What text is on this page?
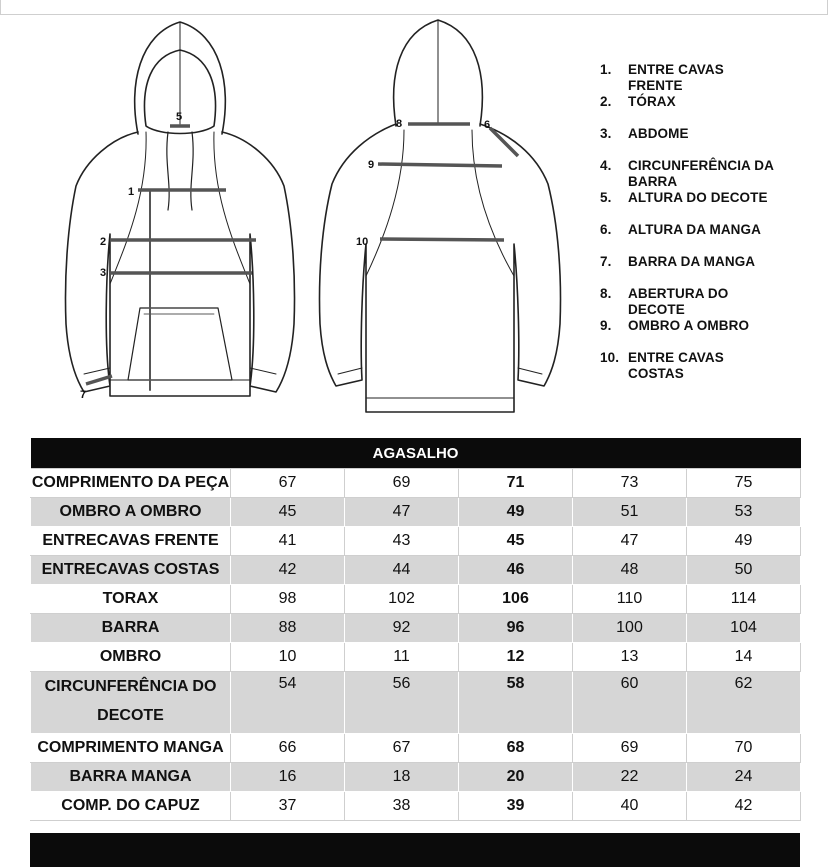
1
2
3
5
7
6
8
9
10
1.	ENTRE CAVAS FRENTE
2.	TÓRAX
3.	ABDOME
4.	CIRCUNFERÊNCIA DA BARRA
5.	ALTURA DO DECOTE
6.	ALTURA DA MANGA
7.	BARRA DA MANGA
8.	ABERTURA DO DECOTE
9.	OMBRO A OMBRO
10. ENTRE CAVAS COSTAS
AGASALHO					
COMPRIMENTO DA PEÇA	67	69	71	73	75
OMBRO A OMBRO	45	47	49	51	53
ENTRECAVAS FRENTE	41	43	45	47	49
ENTRECAVAS COSTAS	42	44	46	48	50
TORAX	98	102	106	110	114
BARRA	88	92	96	100	104
OMBRO	10	11	12	13	14
CIRCUNFERÊNCIA DO DECOTE	54	56	58	60	62
COMPRIMENTO MANGA	66	67	68	69	70
BARRA MANGA	16	18	20	22	24
COMP. DO CAPUZ	37	38	39	40	42
